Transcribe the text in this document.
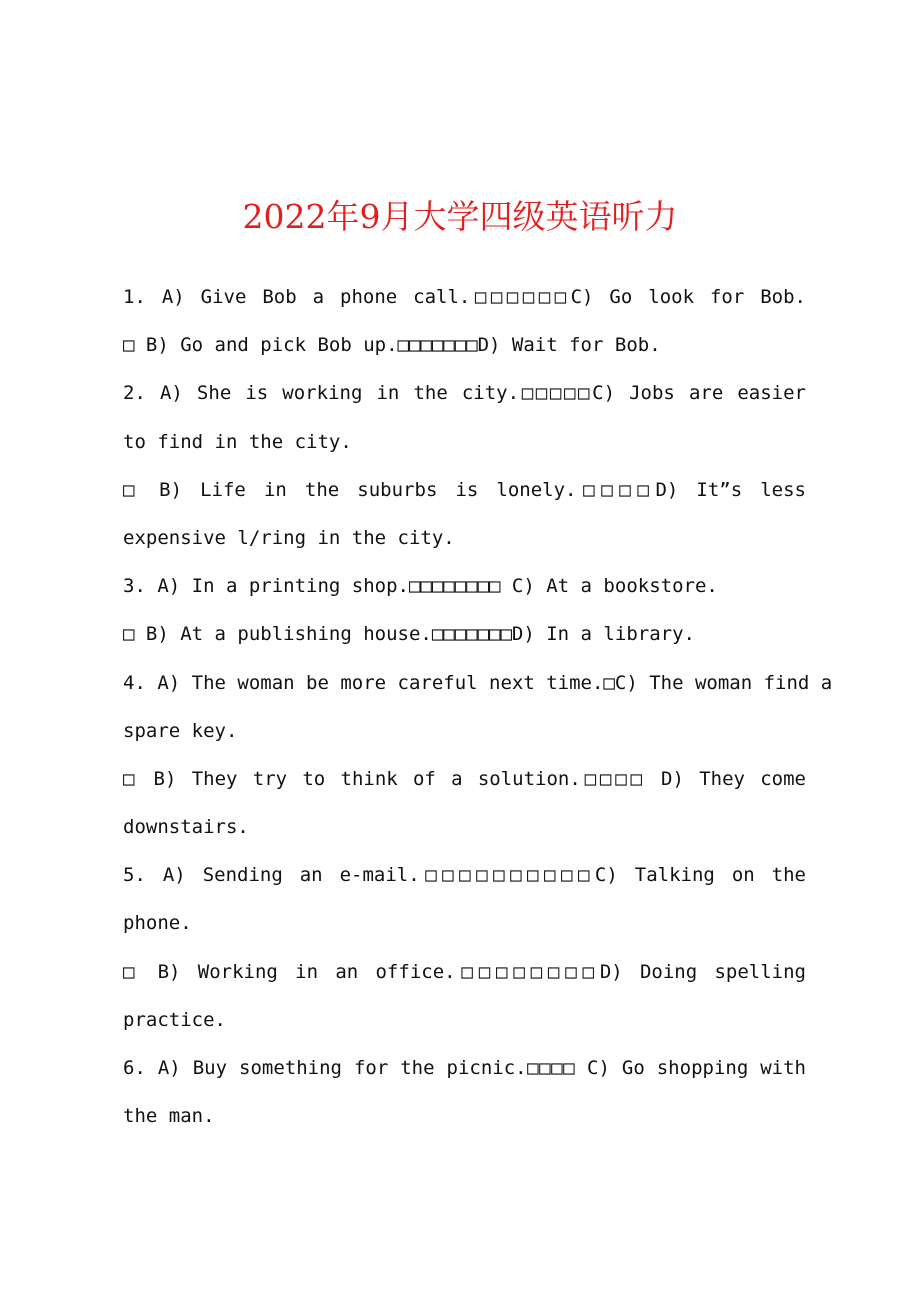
2022年9月大学四级英语听力
1. A) Give Bob a phone call.□□□□□□C) Go look for Bob.
□ B) Go and pick Bob up.□□□□□□□D) Wait for Bob.
2. A) She is working in the city.□□□□□C) Jobs are easier
to find in the city.
□ B) Life in the suburbs is lonely.□□□□D) It”s less
expensive l/ring in the city.
3. A) In a printing shop.□□□□□□□□ C) At a bookstore.
□ B) At a publishing house.□□□□□□□D) In a library.
4. A) The woman be more careful next time.□C) The woman find a
spare key.
□ B) They try to think of a solution.□□□□ D) They come
downstairs.
5. A) Sending an e-mail.□□□□□□□□□□C) Talking on the
phone.
□ B) Working in an office.□□□□□□□□D) Doing spelling
practice.
6. A) Buy something for the picnic.□□□□ C) Go shopping with
the man.
